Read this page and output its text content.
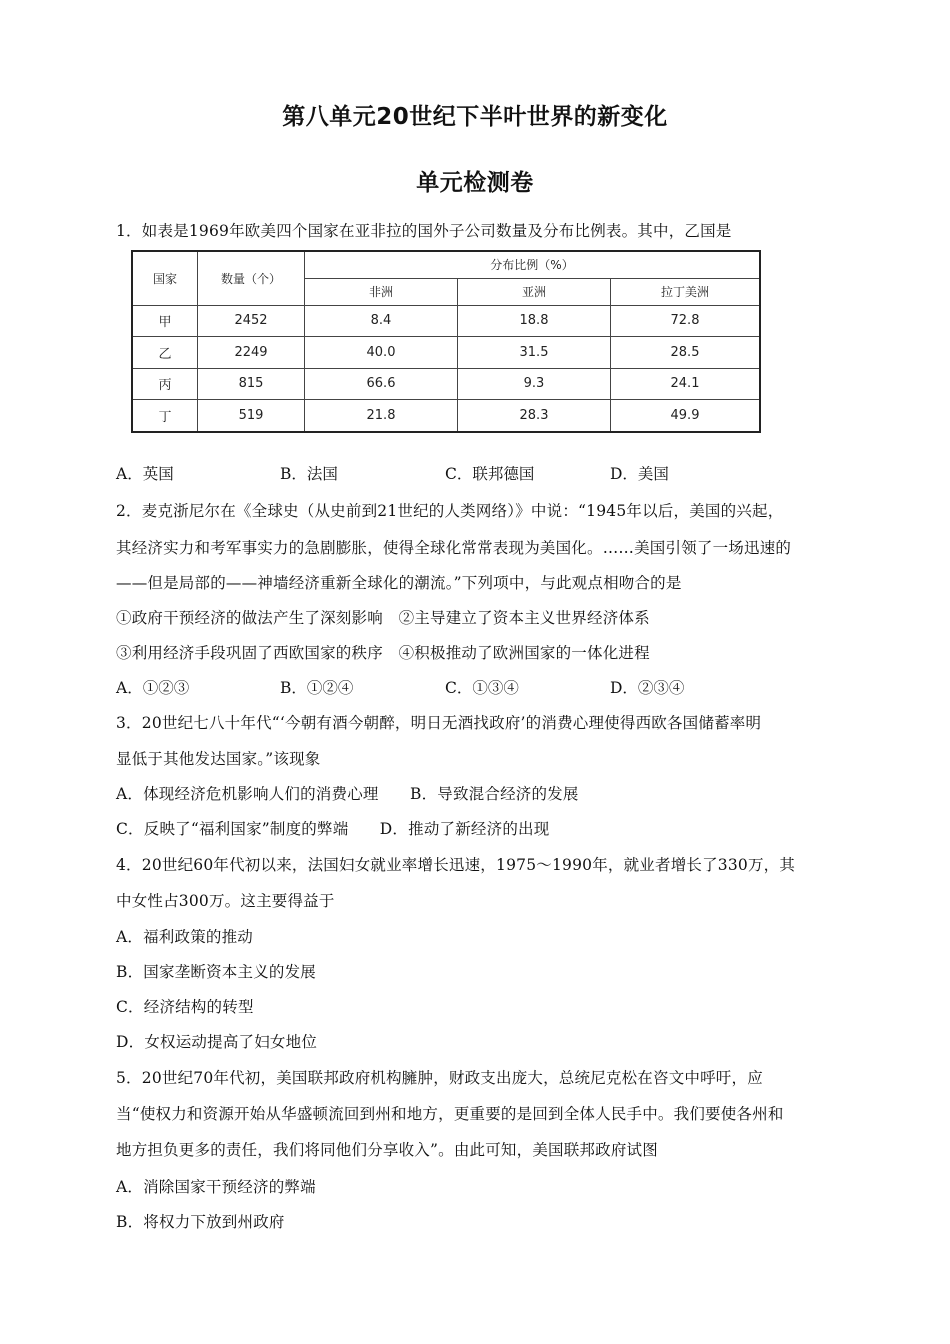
第八单元20世纪下半叶世界的新变化
单元检测卷
1．如表是1969年欧美四个国家在亚非拉的国外子公司数量及分布比例表。其中，乙国是
国家	数量（个）	分布比例（%）		
		非洲	亚洲	拉丁美洲
甲	2452	8.4	18.8	72.8
乙	2249	40.0	31.5	28.5
丙	815	66.6	9.3	24.1
丁	519	21.8	28.3	49.9
A．英国	B．法国	C．联邦德国	D．美国
2．麦克浙尼尔在《全球史（从史前到21世纪的人类网络）》中说：“1945年以后，美国的兴起，
其经济实力和考军事实力的急剧膨胀，使得全球化常常表现为美国化。……美国引领了一场迅速的
——但是局部的——神墙经济重新全球化的潮流。”下列项中，与此观点相吻合的是
①政府干预经济的做法产生了深刻影响　②主导建立了资本主义世界经济体系
③利用经济手段巩固了西欧国家的秩序　④积极推动了欧洲国家的一体化进程
A．①②③	B．①②④	C．①③④	D．②③④
3．20世纪七八十年代“‘今朝有酒今朝醉，明日无酒找政府’的消费心理使得西欧各国储蓄率明
显低于其他发达国家。”该现象
A．体现经济危机影响人们的消费心理　　B．导致混合经济的发展
C．反映了“福利国家”制度的弊端　　D．推动了新经济的出现
4．20世纪60年代初以来，法国妇女就业率增长迅速，1975～1990年，就业者增长了330万，其
中女性占300万。这主要得益于
A．福利政策的推动
B．国家垄断资本主义的发展
C．经济结构的转型
D．女权运动提高了妇女地位
5．20世纪70年代初，美国联邦政府机构臃肿，财政支出庞大，总统尼克松在咨文中呼吁，应
当“使权力和资源开始从华盛顿流回到州和地方，更重要的是回到全体人民手中。我们要使各州和
地方担负更多的责任，我们将同他们分享收入”。由此可知，美国联邦政府试图
A．消除国家干预经济的弊端
B．将权力下放到州政府
